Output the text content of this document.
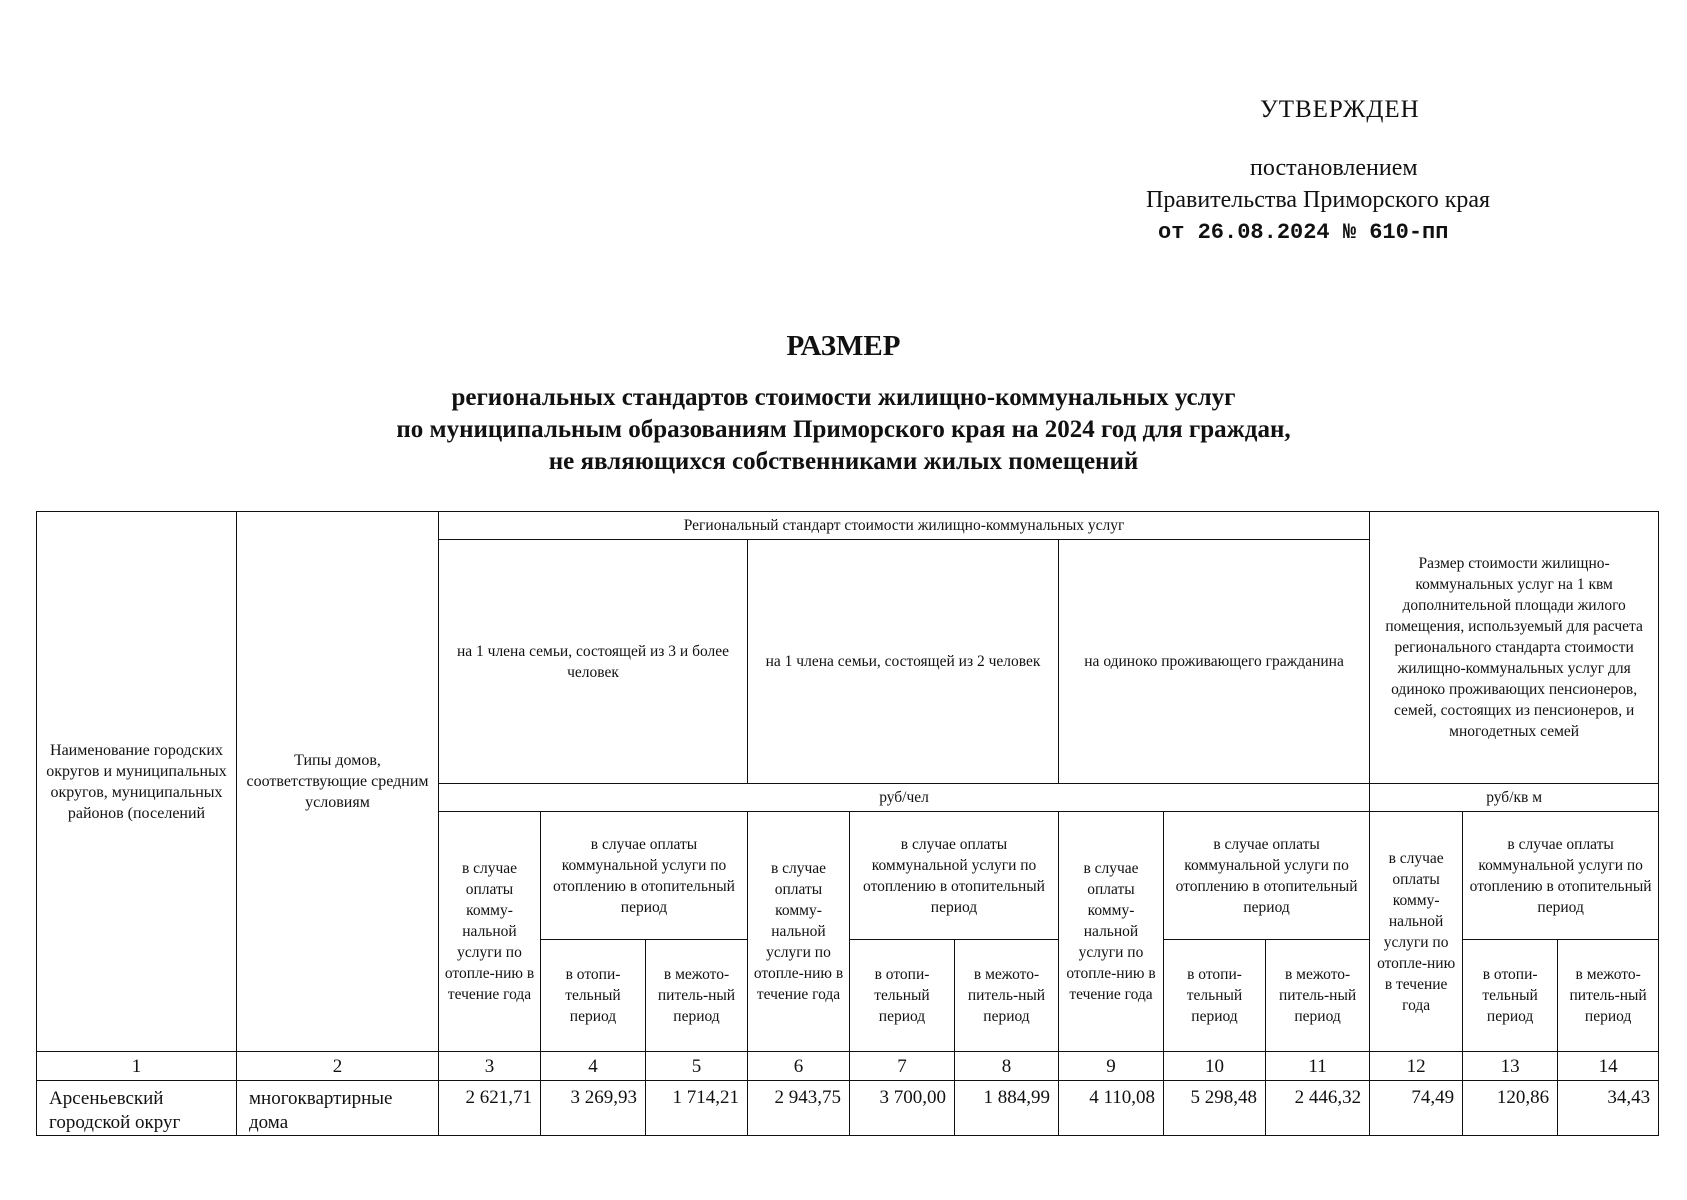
УТВЕРЖДЕН
постановлением
Правительства Приморского края
от 26.08.2024 № 610-пп
РАЗМЕР
региональных стандартов стоимости жилищно-коммунальных услуг
по муниципальным образованиям Приморского края на 2024 год для граждан,
не являющихся собственниками жилых помещений
Наименование городских округов и муниципальных округов, муниципальных районов (поселений	Типы домов, соответствующие средним условиям	Региональный стандарт стоимости жилищно-коммунальных услуг									Размер стоимости жилищно-коммунальных услуг на 1 квм дополнительной площади жилого помещения, используемый для расчета регионального стандарта стоимости жилищно-коммунальных услуг для одиноко проживающих пенсионеров, семей, состоящих из пенсионеров, и многодетных семей		
		на 1 члена семьи, состоящей из 3 и более человек			на 1 члена семьи, состоящей из 2 человек			на одиноко проживающего гражданина					
		руб/чел									руб/кв м		
		в случае оплаты комму-нальной услуги по отопле-нию в течение года	в случае оплаты коммунальной услуги по отоплению в отопительный период		в случае оплаты комму-нальной услуги по отопле-нию в течение года	в случае оплаты коммунальной услуги по отоплению в отопительный период		в случае оплаты комму-нальной услуги по отопле-нию в течение года	в случае оплаты коммунальной услуги по отоплению в отопительный период		в случае оплаты комму-нальной услуги по отопле-нию в течение года	в случае оплаты коммунальной услуги по отоплению в отопительный период	
			в отопи-тельный период	в межото-питель-ный период		в отопи-тельный период	в межото-питель-ный период		в отопи-тельный период	в межото-питель-ный период		в отопи-тельный период	в межото-питель-ный период
1	2	3	4	5	6	7	8	9	10	11	12	13	14
Арсеньевский городской округ	многоквартирные дома	2 621,71	3 269,93	1 714,21	2 943,75	3 700,00	1 884,99	4 110,08	5 298,48	2 446,32	74,49	120,86	34,43
